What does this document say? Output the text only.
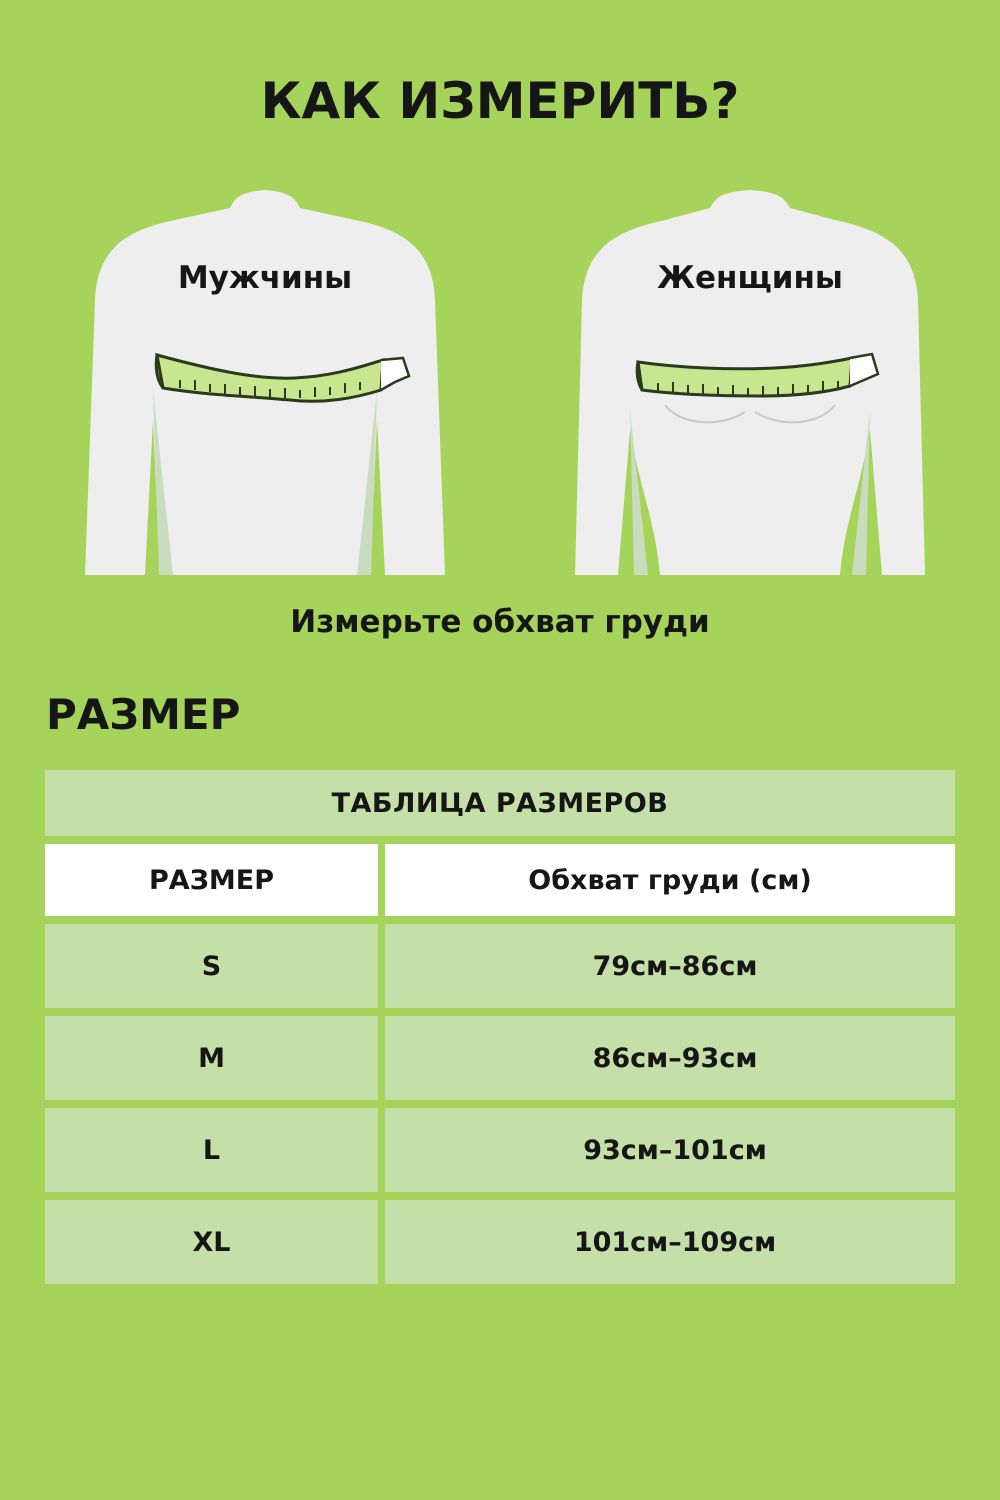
КАК ИЗМЕРИТЬ?
Мужчины	Женщины
Измерьте обхват груди
РАЗМЕР
ТАБЛИЦА РАЗМЕРОВ
РАЗМЕР	Обхват груди (см)
S	79см–86см
M	86см–93см
L	93см–101см
XL	101см–109см
